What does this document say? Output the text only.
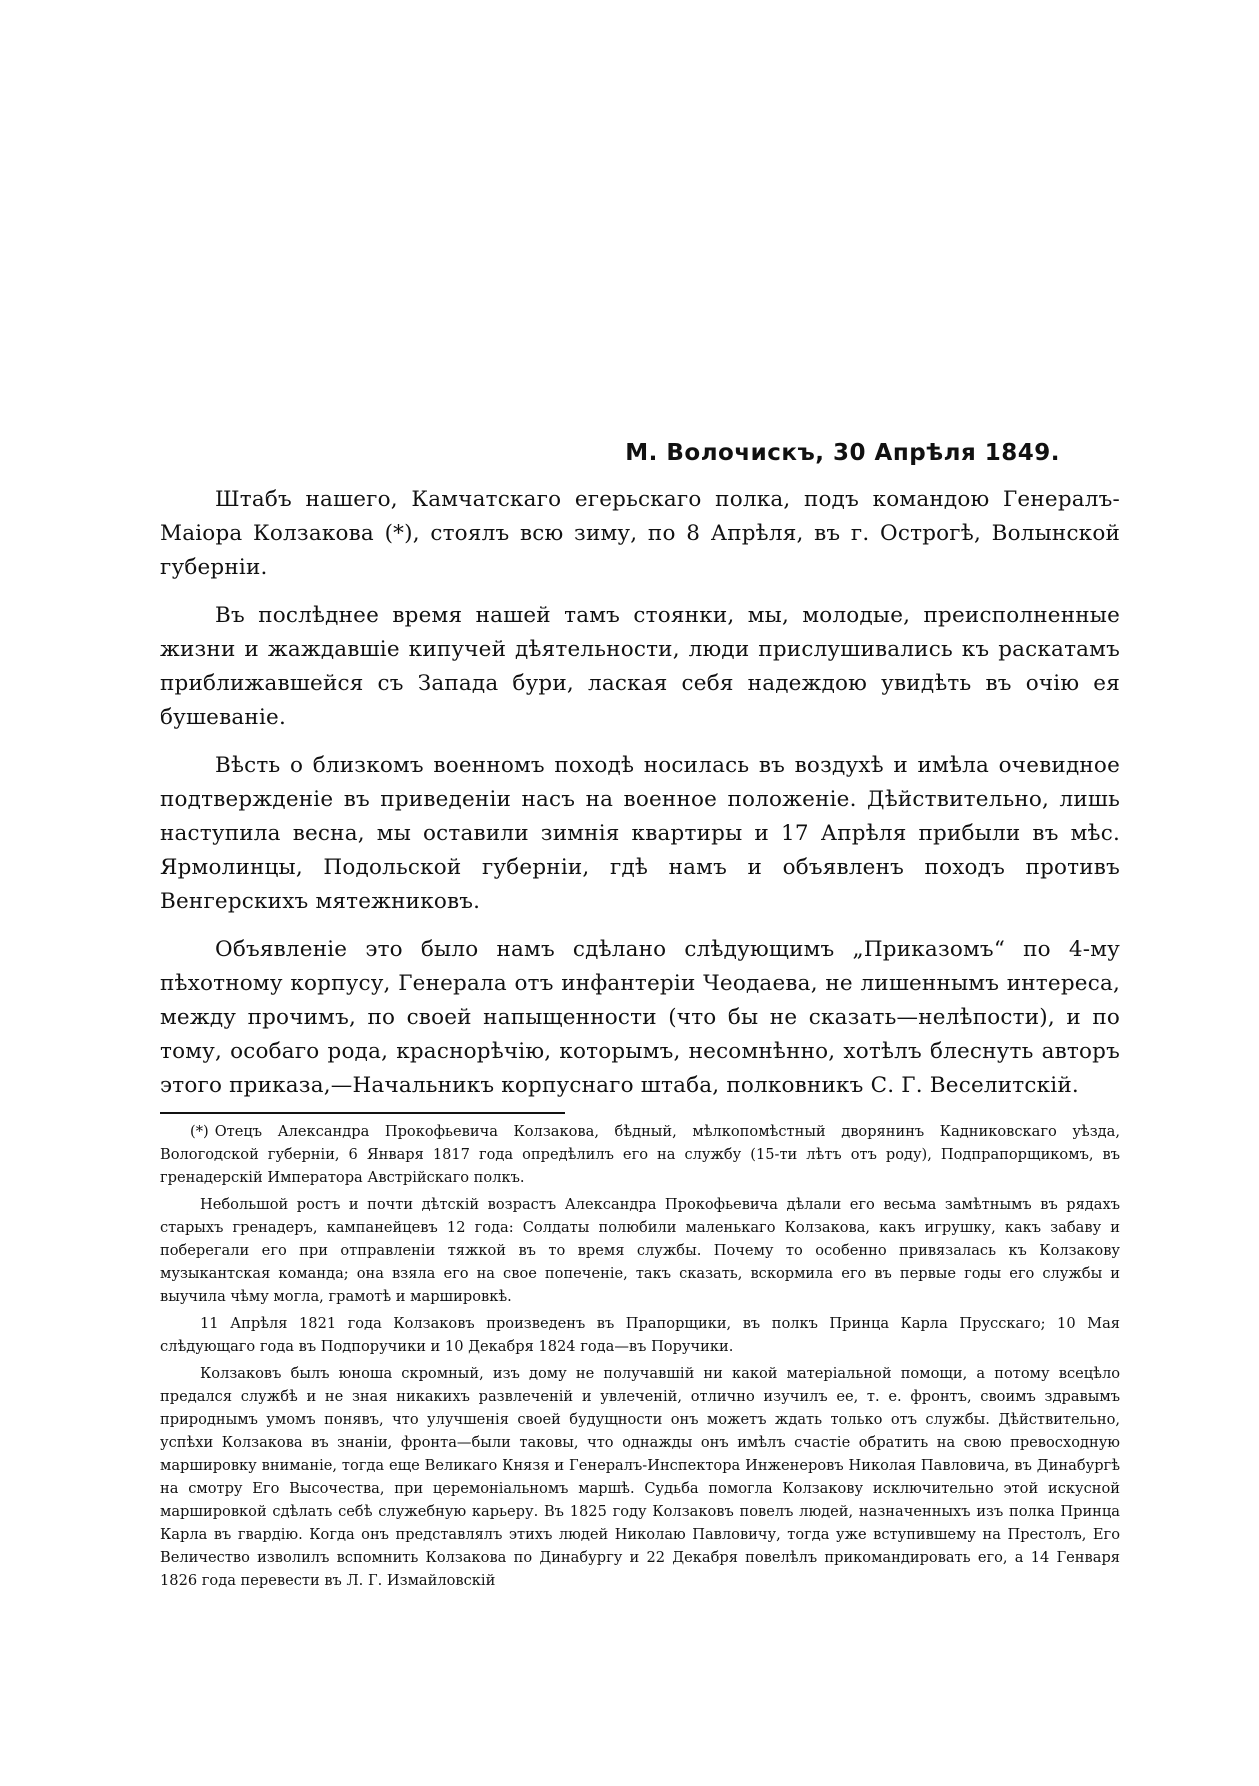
М. Волочискъ, 30 Апрѣля 1849.

Штабъ нашего, Камчатскаго егерьскаго полка, подъ командою Генералъ-Маіора Колзакова (*), стоялъ всю зиму, по 8 Апрѣля, въ г. Острогѣ, Волынской губерніи.

Въ послѣднее время нашей тамъ стоянки, мы, молодые, преисполненные жизни и жаждавшіе кипучей дѣятельности, люди прислушивались къ раскатамъ приближавшейся съ Запада бури, лаская себя надеждою увидѣть въ очію ея бушеваніе.

Вѣсть о близкомъ военномъ походѣ носилась въ воздухѣ и имѣла очевидное подтвержденіе въ приведеніи насъ на военное положеніе. Дѣйствительно, лишь наступила весна, мы оставили зимнія квартиры и 17 Апрѣля прибыли въ мѣс. Ярмолинцы, Подольской губерніи, гдѣ намъ и объявленъ походъ противъ Венгерскихъ мятежниковъ.

Объявленіе это было намъ сдѣлано слѣдующимъ „Приказомъ“ по 4-му пѣхотному корпусу, Генерала отъ инфантеріи Чеодаева, не лишеннымъ интереса, между прочимъ, по своей напыщенности (что бы не сказать—нелѣпости), и по тому, особаго рода, краснорѣчію, которымъ, несомнѣнно, хотѣлъ блеснуть авторъ этого приказа,—Начальникъ корпуснаго штаба, полковникъ С. Г. Веселитскій.

(*) Отецъ Александра Прокофьевича Колзакова, бѣдный, мѣлкопомѣстный дворянинъ Кадниковскаго уѣзда, Вологодской губерніи, 6 Января 1817 года опредѣлилъ его на службу (15-ти лѣтъ отъ роду), Подпрапорщикомъ, въ гренадерскій Императора Австрійскаго полкъ.

Небольшой ростъ и почти дѣтскій возрастъ Александра Прокофьевича дѣлали его весьма замѣтнымъ въ рядахъ старыхъ гренадеръ, кампанейцевъ 12 года: Солдаты полюбили маленькаго Колзакова, какъ игрушку, какъ забаву и поберегали его при отправленіи тяжкой въ то время службы. Почему то особенно привязалась къ Колзакову музыкантская команда; она взяла его на свое попеченіе, такъ сказать, вскормила его въ первые годы его службы и выучила чѣму могла, грамотѣ и маршировкѣ.

11 Апрѣля 1821 года Колзаковъ произведенъ въ Прапорщики, въ полкъ Принца Карла Прусскаго; 10 Мая слѣдующаго года въ Подпоручики и 10 Декабря 1824 года—въ Поручики.

Колзаковъ былъ юноша скромный, изъ дому не получавшій ни какой матеріальной помощи, а потому всецѣло предался службѣ и не зная никакихъ развлеченій и увлеченій, отлично изучилъ ее, т. е. фронтъ, своимъ здравымъ природнымъ умомъ понявъ, что улучшенія своей будущности онъ можетъ ждать только отъ службы. Дѣйствительно, успѣхи Колзакова въ знаніи, фронта—были таковы, что однажды онъ имѣлъ счастіе обратить на свою превосходную маршировку вниманіе, тогда еще Великаго Князя и Генералъ-Инспектора Инженеровъ Николая Павловича, въ Динабургѣ на смотру Его Высочества, при церемоніальномъ маршѣ. Судьба помогла Колзакову исключительно этой искусной маршировкой сдѣлать себѣ служебную карьеру. Въ 1825 году Колзаковъ повелъ людей, назначенныхъ изъ полка Принца Карла въ гвардію. Когда онъ представлялъ этихъ людей Николаю Павловичу, тогда уже вступившему на Престолъ, Его Величество изволилъ вспомнить Колзакова по Динабургу и 22 Декабря повелѣлъ прикомандировать его, а 14 Генваря 1826 года перевести въ Л. Г. Измайловскій
